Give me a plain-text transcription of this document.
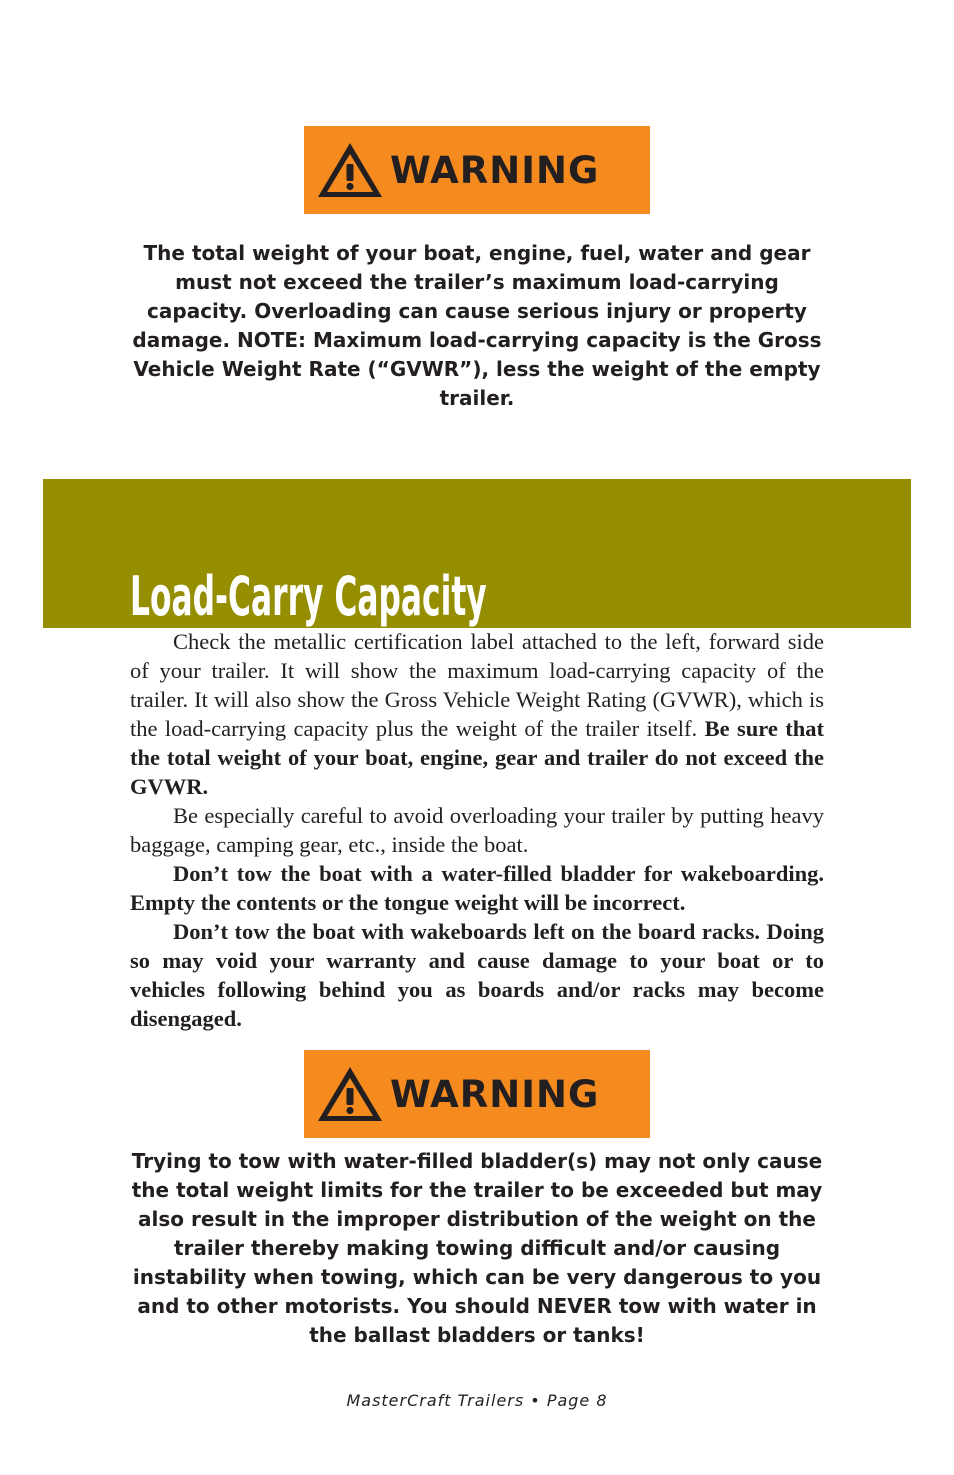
WARNING

The total weight of your boat, engine, fuel, water and gear must not exceed the trailer’s maximum load-carrying capacity. Overloading can cause serious injury or property damage. NOTE: Maximum load-carrying capacity is the Gross Vehicle Weight Rate (“GVWR”), less the weight of the empty trailer.

Load-Carry Capacity

Check the metallic certification label attached to the left, forward side of your trailer. It will show the maximum load-carrying capacity of the trailer. It will also show the Gross Vehicle Weight Rating (GVWR), which is the load-carrying capacity plus the weight of the trailer itself. Be sure that the total weight of your boat, engine, gear and trailer do not exceed the GVWR.

Be especially careful to avoid overloading your trailer by putting heavy baggage, camping gear, etc., inside the boat.

Don’t tow the boat with a water-filled bladder for wakeboarding. Empty the contents or the tongue weight will be incorrect.

Don’t tow the boat with wakeboards left on the board racks. Doing so may void your warranty and cause damage to your boat or to vehicles following behind you as boards and/or racks may become disengaged.

WARNING

Trying to tow with water-filled bladder(s) may not only cause the total weight limits for the trailer to be exceeded but may also result in the improper distribution of the weight on the trailer thereby making towing difficult and/or causing instability when towing, which can be very dangerous to you and to other motorists. You should NEVER tow with water in the ballast bladders or tanks!

MasterCraft Trailers • Page 8
